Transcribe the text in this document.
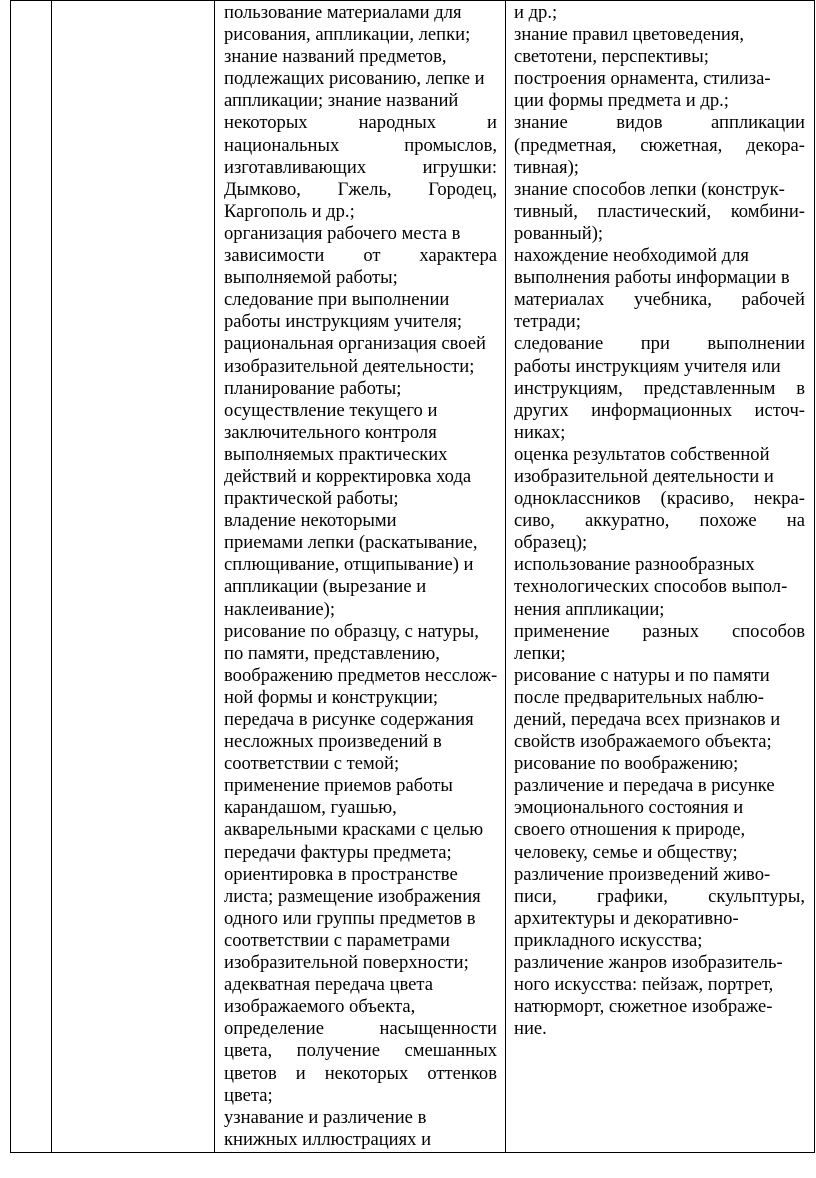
пользование материалами для
рисования, аппликации, лепки;
знание названий предметов,
подлежащих рисованию, лепке и
аппликации; знание названий
некоторых народных и
национальных промыслов,
изготавливающих игрушки:
Дымково, Гжель, Городец,
Каргополь и др.;
организация рабочего места в
зависимости от характера
выполняемой работы;
следование при выполнении
работы инструкциям учителя;
рациональная организация своей
изобразительной деятельности;
планирование работы;
осуществление текущего и
заключительного контроля
выполняемых практических
действий и корректировка хода
практической работы;
владение некоторыми
приемами лепки (раскатывание,
сплющивание, отщипывание) и
аппликации (вырезание и
наклеивание);
рисование по образцу, с натуры,
по памяти, представлению,
воображению предметов несслож-
ной формы и конструкции;
передача в рисунке содержания
несложных произведений в
соответствии с темой;
применение приемов работы
карандашом, гуашью,
акварельными красками с целью
передачи фактуры предмета;
ориентировка в пространстве
листа; размещение изображения
одного или группы предметов в
соответствии с параметрами
изобразительной поверхности;
адекватная передача цвета
изображаемого объекта,
определение насыщенности
цвета, получение смешанных
цветов и некоторых оттенков
цвета;
узнавание и различение в
книжных иллюстрациях и

и др.;
знание правил цветоведения,
светотени, перспективы;
построения орнамента, стилиза-
ции формы предмета и др.;
знание видов аппликации
(предметная, сюжетная, декора-
тивная);
знание способов лепки (конструк-
тивный, пластический, комбини-
рованный);
нахождение необходимой для
выполнения работы информации в
материалах учебника, рабочей
тетради;
следование при выполнении
работы инструкциям учителя или
инструкциям, представленным в
других информационных источ-
никах;
оценка результатов собственной
изобразительной деятельности и
одноклассников (красиво, некра-
сиво, аккуратно, похоже на
образец);
использование разнообразных
технологических способов выпол-
нения аппликации;
применение разных способов
лепки;
рисование с натуры и по памяти
после предварительных наблю-
дений, передача всех признаков и
свойств изображаемого объекта;
рисование по воображению;
различение и передача в рисунке
эмоционального состояния и
своего отношения к природе,
человеку, семье и обществу;
различение произведений живо-
писи, графики, скульптуры,
архитектуры и декоративно-
прикладного искусства;
различение жанров изобразитель-
ного искусства: пейзаж, портрет,
натюрморт, сюжетное изображе-
ние.
